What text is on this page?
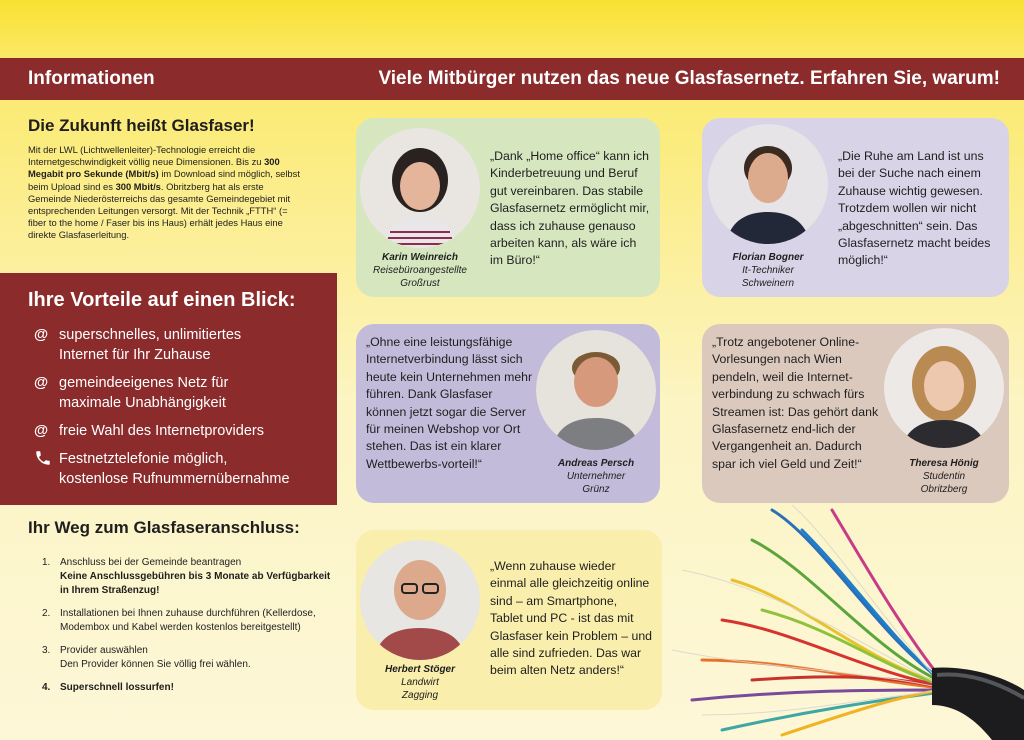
Informationen	Viele Mitbürger nutzen das neue Glasfasernetz. Erfahren Sie, warum!
Die Zukunft heißt Glasfaser!

Mit der LWL (Lichtwellenleiter)-Technologie erreicht die Internetgeschwindigkeit völlig neue Dimensionen. Bis zu 300 Megabit pro Sekunde (Mbit/s) im Download sind möglich, selbst beim Upload sind es 300 Mbit/s. Obritzberg hat als erste Gemeinde Niederösterreichs das gesamte Gemeindegebiet mit entsprechenden Leitungen versorgt. Mit der Technik „FTTH“ (= fiber to the home / Faser bis ins Haus) erhält jedes Haus eine direkte Glasfaserleitung.

Ihre Vorteile auf einen Blick:
@ superschnelles, unlimitiertes
Internet für Ihr Zuhause
@ gemeindeeigenes Netz für
maximale Unabhängigkeit
@ freie Wahl des Internetproviders
Festnetztelefonie möglich,
kostenlose Rufnummernübernahme
Ihr Weg zum Glasfaseranschluss:
1. Anschluss bei der Gemeinde beantragen
Keine Anschlussgebühren bis 3 Monate ab Verfügbarkeit in Ihrem Straßenzug!
2. Installationen bei Ihnen zuhause durchführen (Kellerdose, Modembox und Kabel werden kostenlos bereitgestellt)
3. Provider auswählen
Den Provider können Sie völlig frei wählen.
4. Superschnell lossurfen!
Karin Weinreich
Reisebüroangestellte
Großrust
„Dank „Home office“ kann ich Kinderbetreuung und Beruf gut vereinbaren. Das stabile Glasfasernetz ermöglicht mir, dass ich zuhause genauso arbeiten kann, als wäre ich im Büro!“	Florian Bogner
It-Techniker
Schweinern
„Die Ruhe am Land ist uns bei der Suche nach einem Zuhause wichtig gewesen. Trotzdem wollen wir nicht „abgeschnitten“ sein. Das Glasfasernetz macht beides möglich!“
„Ohne eine leistungsfähige Internetverbindung lässt sich heute kein Unternehmen mehr führen. Dank Glasfaser können jetzt sogar die Server für meinen Webshop vor Ort stehen. Das ist ein klarer Wettbewerbs-vorteil!“	Andreas Persch
Unternehmer
Grünz
„Trotz angebotener Online-Vorlesungen nach Wien pendeln, weil die Internet-verbindung zu schwach fürs Streamen ist: Das gehört dank Glasfasernetz end-lich der Vergangenheit an. Dadurch spar ich viel Geld und Zeit!“	Theresa Hönig
Studentin
Obritzberg
Herbert Stöger
Landwirt
Zagging
„Wenn zuhause wieder einmal alle gleichzeitig online sind – am Smartphone, Tablet und PC - ist das mit Glasfaser kein Problem – und alle sind zufrieden. Das war beim alten Netz anders!“
